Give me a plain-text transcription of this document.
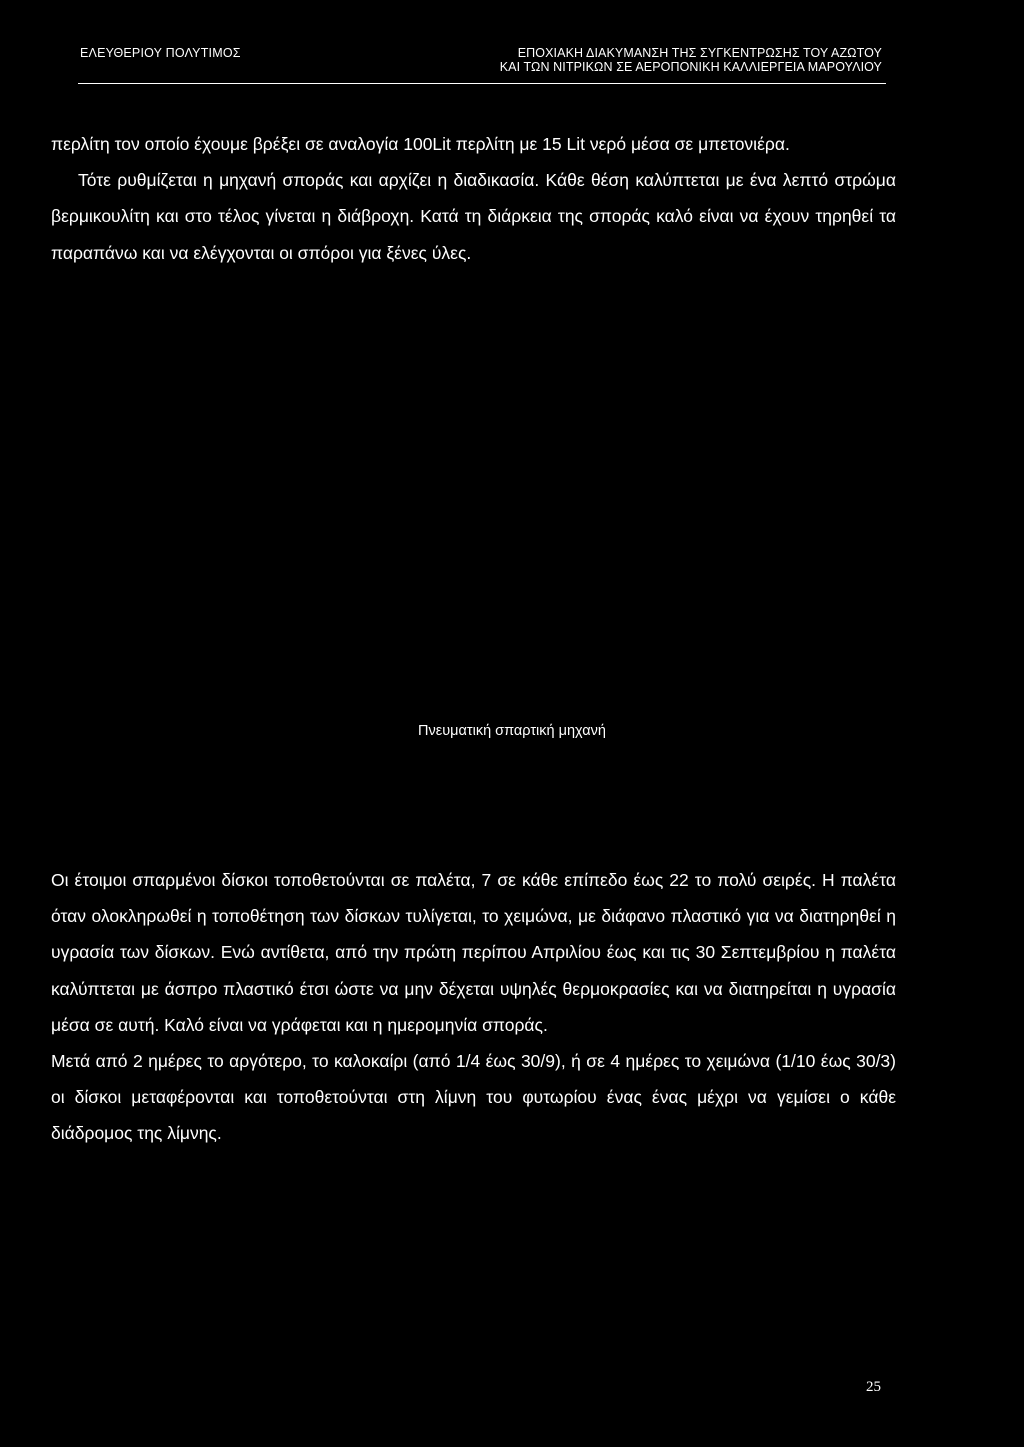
ΕΛΕΥΘΕΡΙΟΥ ΠΟΛΥΤΙΜΟΣ	ΕΠΟΧΙΑΚΗ ΔΙΑΚΥΜΑΝΣΗ ΤΗΣ ΣΥΓΚΕΝΤΡΩΣΗΣ ΤΟΥ ΑΖΩΤΟΥ
ΚΑΙ ΤΩΝ ΝΙΤΡΙΚΩΝ ΣΕ ΑΕΡΟΠΟΝΙΚΗ ΚΑΛΛΙΕΡΓΕΙΑ ΜΑΡΟΥΛΙΟΥ

περλίτη τον οποίο έχουμε βρέξει σε αναλογία 100Lit περλίτη με 15 Lit νερό μέσα σε μπετονιέρα.

Τότε ρυθμίζεται η μηχανή σποράς και αρχίζει η διαδικασία. Κάθε θέση καλύπτεται με ένα λεπτό στρώμα βερμικουλίτη και στο τέλος γίνεται η διάβροχη. Κατά τη διάρκεια της σποράς καλό είναι να έχουν τηρηθεί τα παραπάνω και να ελέγχονται οι σπόροι για ξένες ύλες.

Πνευματική σπαρτική μηχανή

Οι έτοιμοι σπαρμένοι δίσκοι τοποθετούνται σε παλέτα, 7 σε κάθε επίπεδο έως 22 το πολύ σειρές. Η παλέτα όταν ολοκληρωθεί η τοποθέτηση των δίσκων τυλίγεται, το χειμώνα, με διάφανο πλαστικό για να διατηρηθεί η υγρασία των δίσκων. Ενώ αντίθετα, από την πρώτη περίπου Απριλίου έως και τις 30 Σεπτεμβρίου η παλέτα καλύπτεται με άσπρο πλαστικό έτσι ώστε να μην δέχεται υψηλές θερμοκρασίες και να διατηρείται η υγρασία μέσα σε αυτή. Καλό είναι να γράφεται και η ημερομηνία σποράς.

Μετά από 2 ημέρες το αργότερο, το καλοκαίρι (από 1/4 έως 30/9), ή σε 4 ημέρες το χειμώνα (1/10 έως 30/3) οι δίσκοι μεταφέρονται και τοποθετούνται στη λίμνη του φυτωρίου ένας ένας μέχρι να γεμίσει ο κάθε διάδρομος της λίμνης.

25
